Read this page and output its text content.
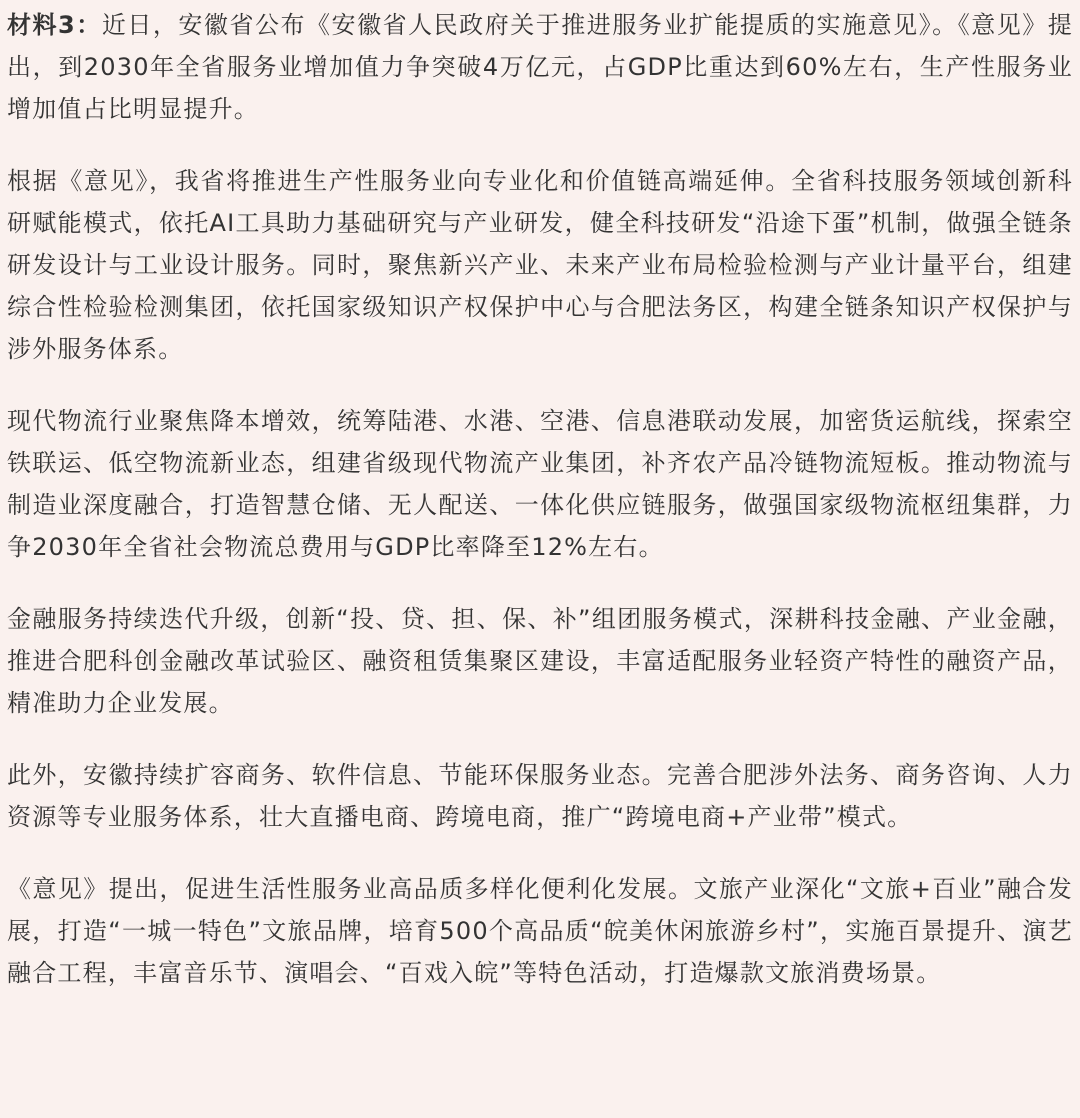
材料3：近日，安徽省公布《安徽省人民政府关于推进服务业扩能提质的实施意见》。《意见》提出，到2030年全省服务业增加值力争突破4万亿元，占GDP比重达到60%左右，生产性服务业增加值占比明显提升。

根据《意见》，我省将推进生产性服务业向专业化和价值链高端延伸。全省科技服务领域创新科研赋能模式，依托AI工具助力基础研究与产业研发，健全科技研发“沿途下蛋”机制，做强全链条研发设计与工业设计服务。同时，聚焦新兴产业、未来产业布局检验检测与产业计量平台，组建综合性检验检测集团，依托国家级知识产权保护中心与合肥法务区，构建全链条知识产权保护与涉外服务体系。

现代物流行业聚焦降本增效，统筹陆港、水港、空港、信息港联动发展，加密货运航线，探索空铁联运、低空物流新业态，组建省级现代物流产业集团，补齐农产品冷链物流短板。推动物流与制造业深度融合，打造智慧仓储、无人配送、一体化供应链服务，做强国家级物流枢纽集群，力争2030年全省社会物流总费用与GDP比率降至12%左右。

金融服务持续迭代升级，创新“投、贷、担、保、补”组团服务模式，深耕科技金融、产业金融，推进合肥科创金融改革试验区、融资租赁集聚区建设，丰富适配服务业轻资产特性的融资产品，精准助力企业发展。

此外，安徽持续扩容商务、软件信息、节能环保服务业态。完善合肥涉外法务、商务咨询、人力资源等专业服务体系，壮大直播电商、跨境电商，推广“跨境电商+产业带”模式。

《意见》提出，促进生活性服务业高品质多样化便利化发展。文旅产业深化“文旅+百业”融合发展，打造“一城一特色”文旅品牌，培育500个高品质“皖美休闲旅游乡村”，实施百景提升、演艺融合工程，丰富音乐节、演唱会、“百戏入皖”等特色活动，打造爆款文旅消费场景。
